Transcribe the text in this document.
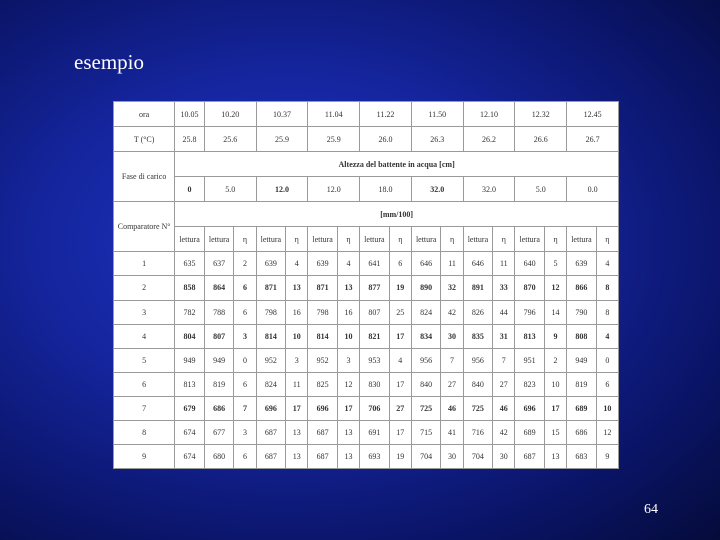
esempio
ora	10.05	10.20		10.37		11.04		11.22		11.50		12.10		12.32		12.45	
T (°C)	25.8	25.6		25.9		25.9		26.0		26.3		26.2		26.6		26.7	
Fase di carico	Altezza del battente in acqua [cm]																
	0	5.0		12.0		12.0		18.0		32.0		32.0		5.0		0.0	
Comparatore N°	[mm/100]																
	lettura	lettura	η	lettura	η	lettura	η	lettura	η	lettura	η	lettura	η	lettura	η	lettura	η
1	635	637	2	639	4	639	4	641	6	646	11	646	11	640	5	639	4
2	858	864	6	871	13	871	13	877	19	890	32	891	33	870	12	866	8
3	782	788	6	798	16	798	16	807	25	824	42	826	44	796	14	790	8
4	804	807	3	814	10	814	10	821	17	834	30	835	31	813	9	808	4
5	949	949	0	952	3	952	3	953	4	956	7	956	7	951	2	949	0
6	813	819	6	824	11	825	12	830	17	840	27	840	27	823	10	819	6
7	679	686	7	696	17	696	17	706	27	725	46	725	46	696	17	689	10
8	674	677	3	687	13	687	13	691	17	715	41	716	42	689	15	686	12
9	674	680	6	687	13	687	13	693	19	704	30	704	30	687	13	683	9
64
